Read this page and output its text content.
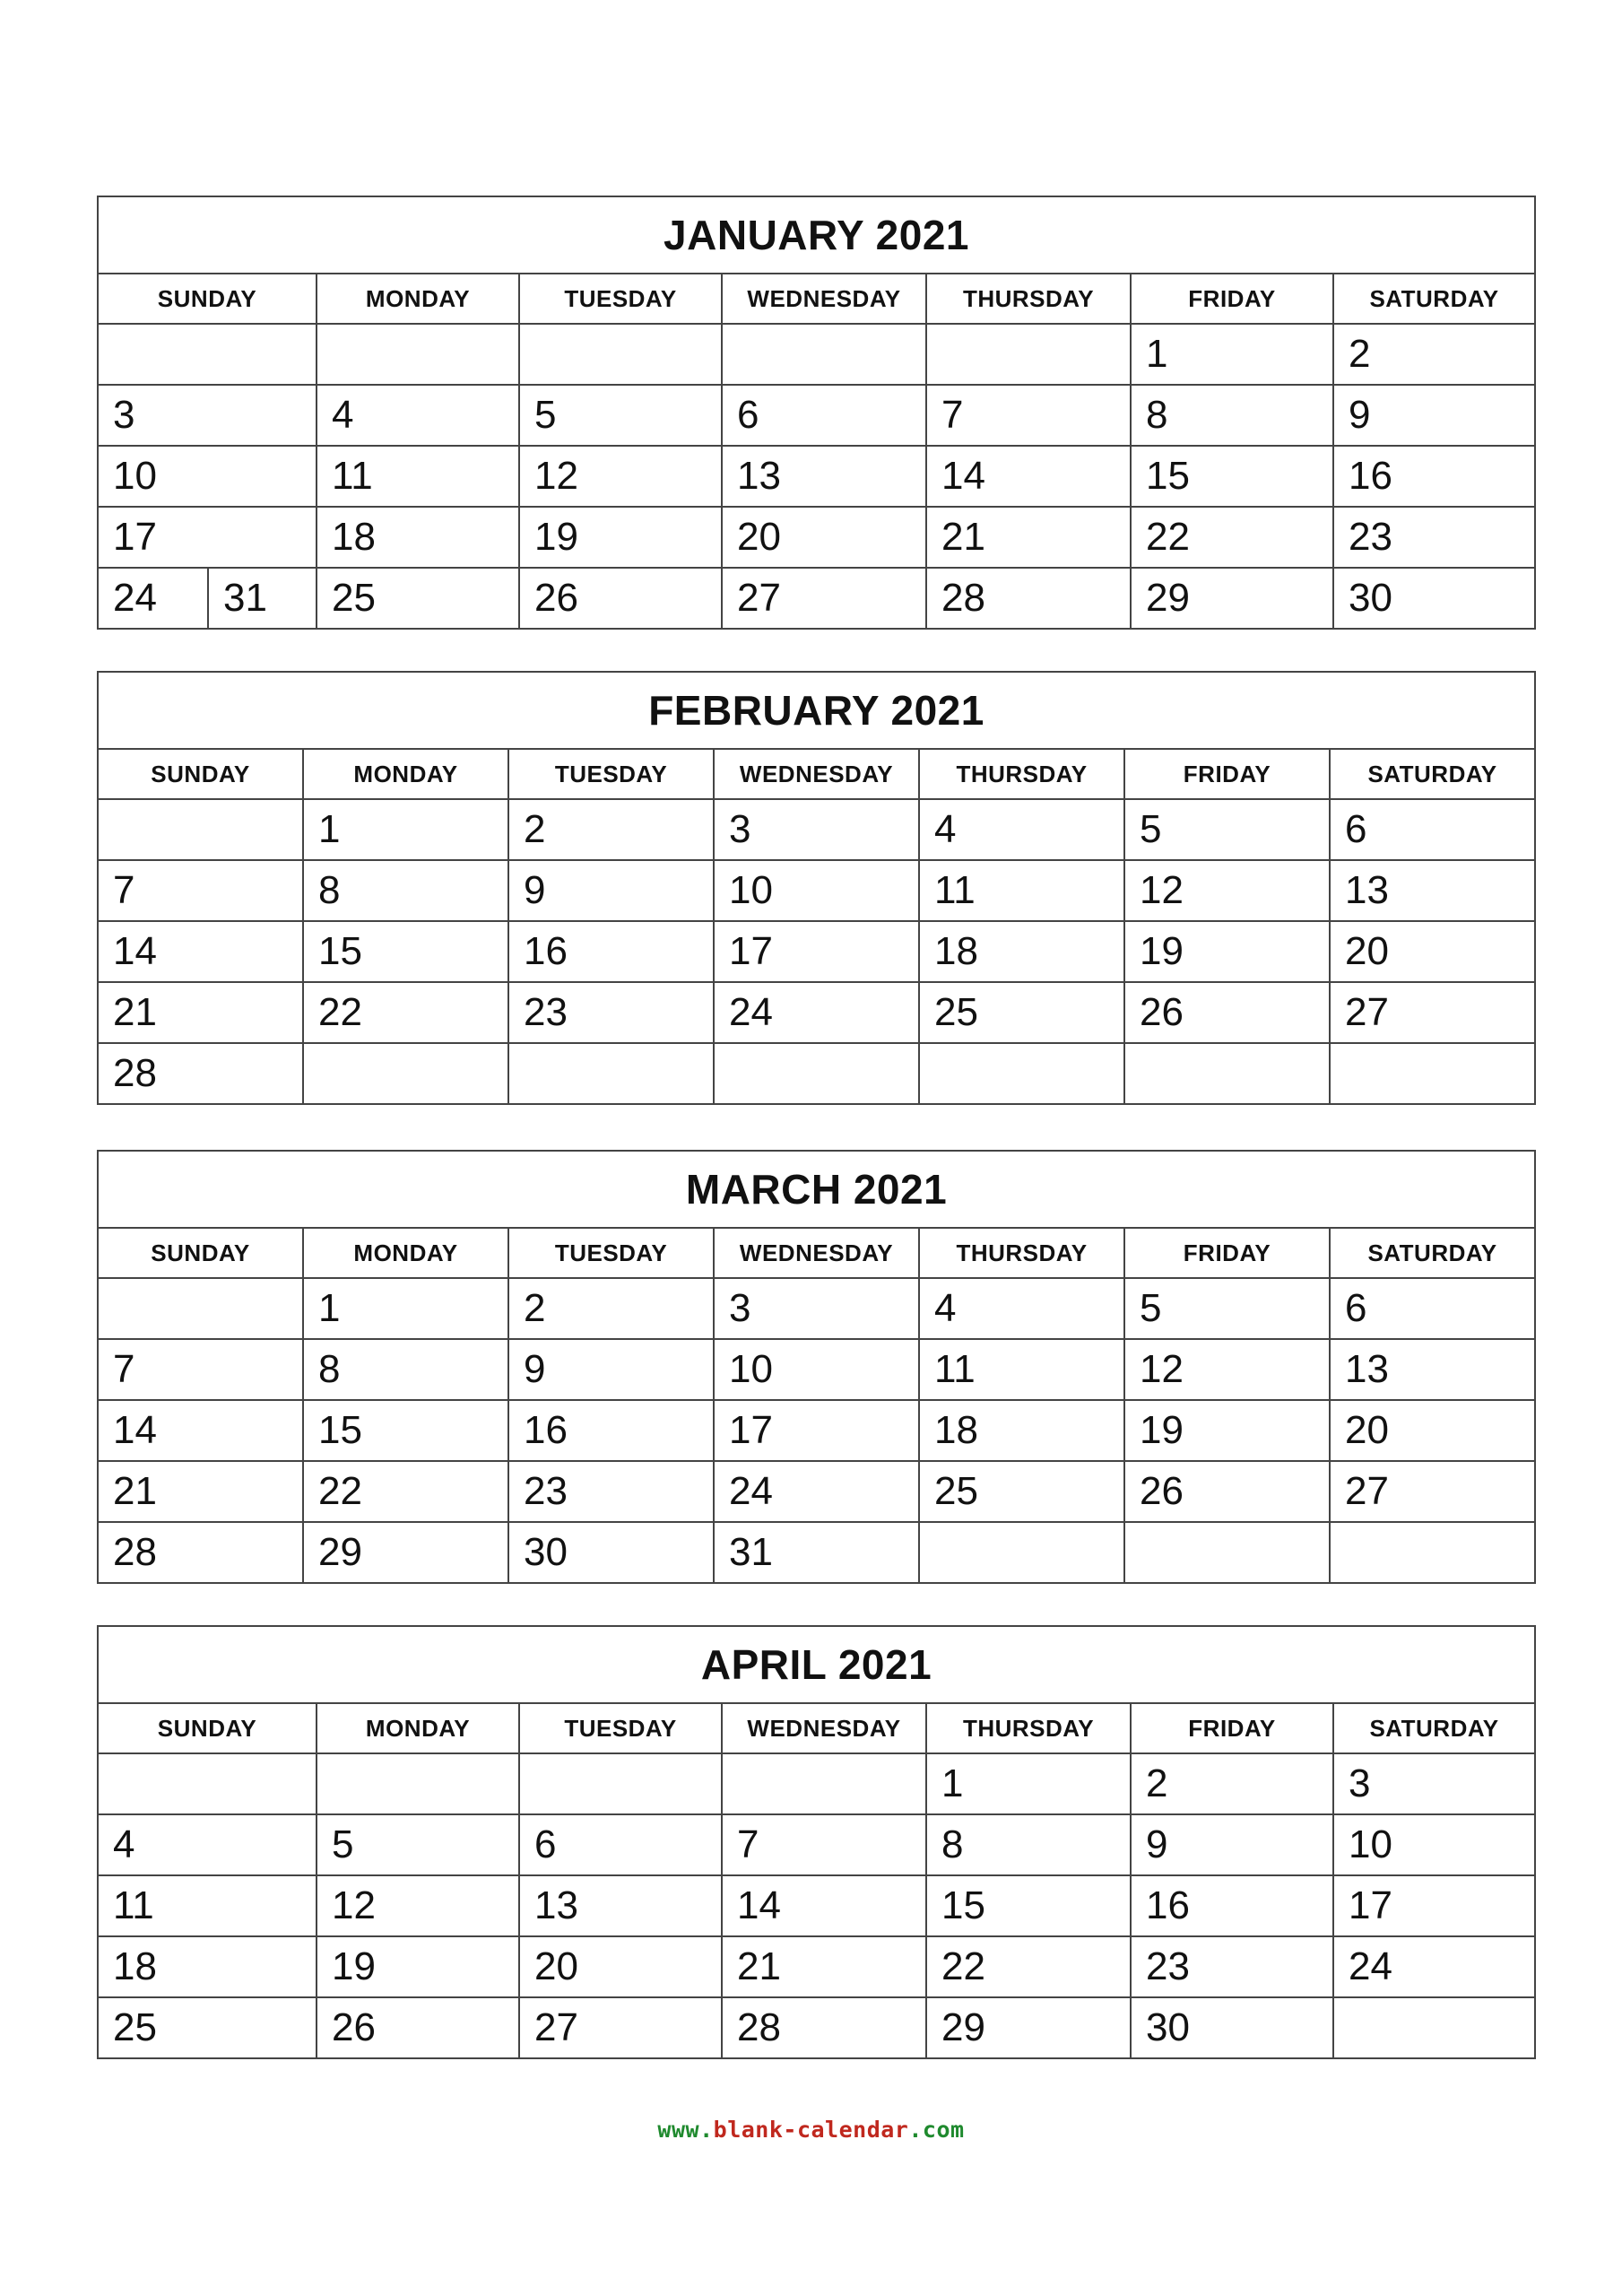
JANUARY 2021						
SUNDAY	MONDAY	TUESDAY	WEDNESDAY	THURSDAY	FRIDAY	SATURDAY
					1	2
3	4	5	6	7	8	9
10	11	12	13	14	15	16
17	18	19	20	21	22	23

24 31	25	26	27	28	29	30
FEBRUARY 2021						
SUNDAY	MONDAY	TUESDAY	WEDNESDAY	THURSDAY	FRIDAY	SATURDAY
	1	2	3	4	5	6
7	8	9	10	11	12	13
14	15	16	17	18	19	20
21	22	23	24	25	26	27
28						
MARCH 2021						
SUNDAY	MONDAY	TUESDAY	WEDNESDAY	THURSDAY	FRIDAY	SATURDAY
	1	2	3	4	5	6
7	8	9	10	11	12	13
14	15	16	17	18	19	20
21	22	23	24	25	26	27
28	29	30	31			
APRIL 2021						
SUNDAY	MONDAY	TUESDAY	WEDNESDAY	THURSDAY	FRIDAY	SATURDAY
				1	2	3
4	5	6	7	8	9	10
11	12	13	14	15	16	17
18	19	20	21	22	23	24
25	26	27	28	29	30	
www.blank-calendar.com
